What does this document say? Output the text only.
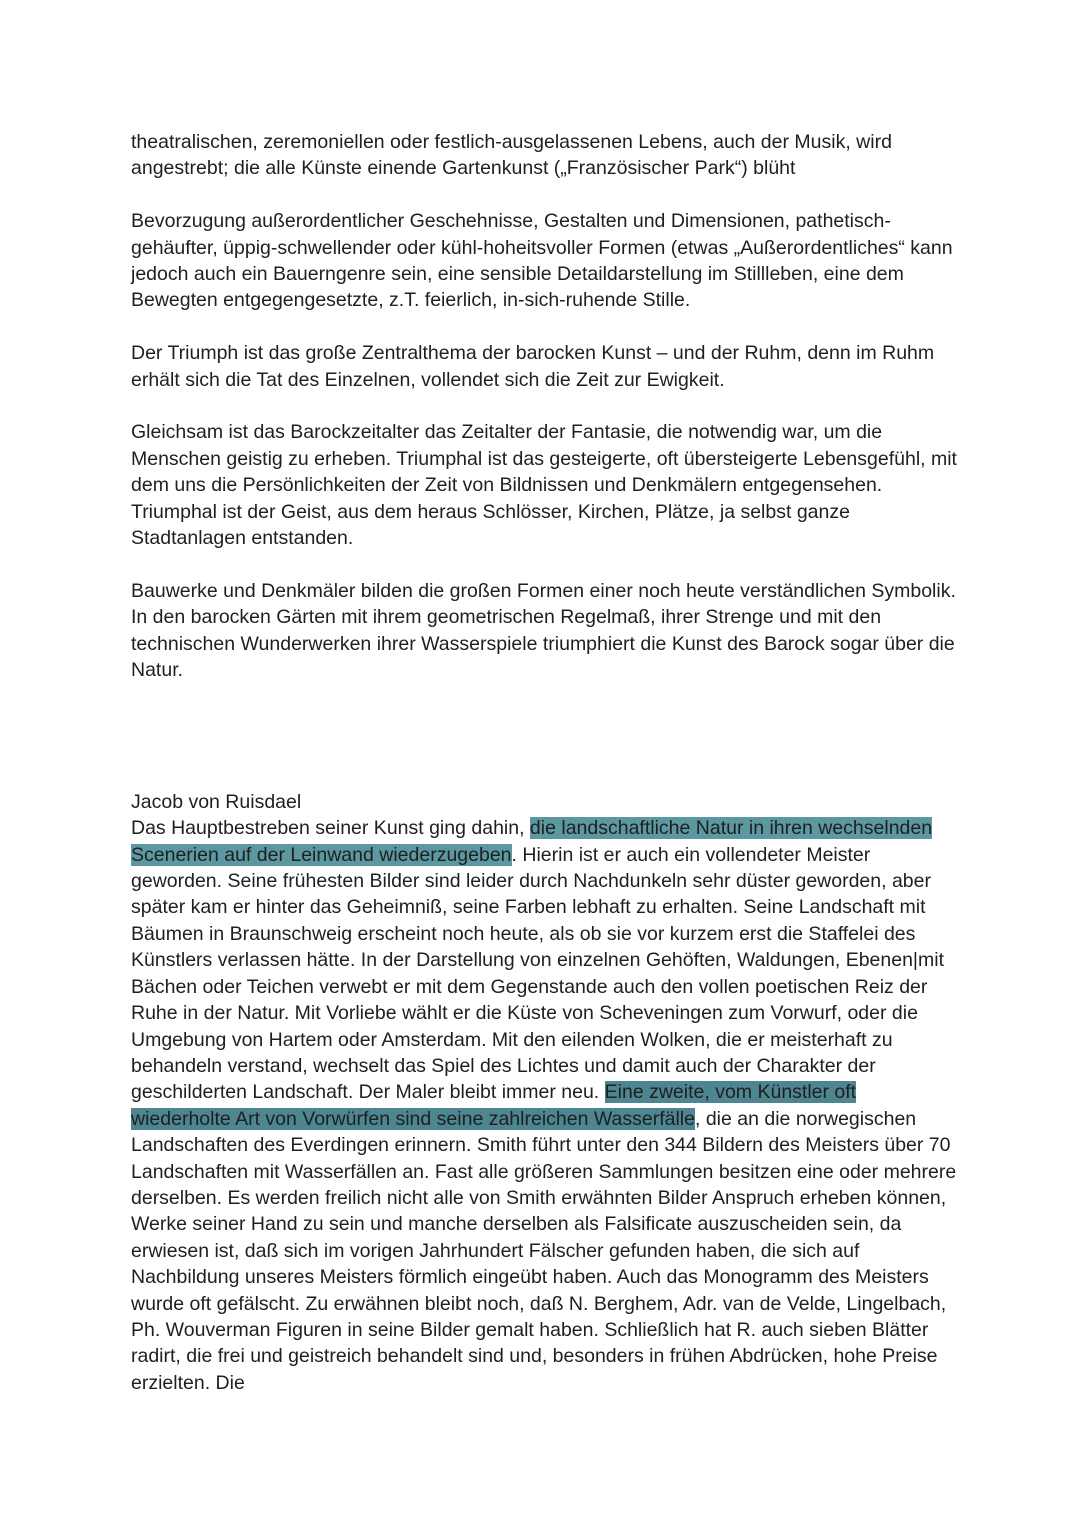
theatralischen, zeremoniellen oder festlich-ausgelassenen Lebens, auch der Musik, wird angestrebt; die alle Künste einende Gartenkunst („Französischer Park“) blüht

Bevorzugung außerordentlicher Geschehnisse, Gestalten und Dimensionen, pathetisch-gehäufter, üppig-schwellender oder kühl-hoheitsvoller Formen (etwas „Außerordentliches“ kann jedoch auch ein Bauerngenre sein, eine sensible Detaildarstellung im Stillleben, eine dem Bewegten entgegengesetzte, z.T. feierlich, in-sich-ruhende Stille.

Der Triumph ist das große Zentralthema der barocken Kunst – und der Ruhm, denn im Ruhm erhält sich die Tat des Einzelnen, vollendet sich die Zeit zur Ewigkeit.

Gleichsam ist das Barockzeitalter das Zeitalter der Fantasie, die notwendig war, um die Menschen geistig zu erheben. Triumphal ist das gesteigerte, oft übersteigerte Lebensgefühl, mit dem uns die Persönlichkeiten der Zeit von Bildnissen und Denkmälern entgegensehen. Triumphal ist der Geist, aus dem heraus Schlösser, Kirchen, Plätze, ja selbst ganze Stadtanlagen entstanden.

Bauwerke und Denkmäler bilden die großen Formen einer noch heute verständlichen Symbolik. In den barocken Gärten mit ihrem geometrischen Regelmaß, ihrer Strenge und mit den technischen Wunderwerken ihrer Wasserspiele triumphiert die Kunst des Barock sogar über die Natur.

Jacob von Ruisdael
Das Hauptbestreben seiner Kunst ging dahin, die landschaftliche Natur in ihren wechselnden Scenerien auf der Leinwand wiederzugeben. Hierin ist er auch ein vollendeter Meister geworden. Seine frühesten Bilder sind leider durch Nachdunkeln sehr düster geworden, aber später kam er hinter das Geheimniß, seine Farben lebhaft zu erhalten. Seine Landschaft mit Bäumen in Braunschweig erscheint noch heute, als ob sie vor kurzem erst die Staffelei des Künstlers verlassen hätte. In der Darstellung von einzelnen Gehöften, Waldungen, Ebenen|mit Bächen oder Teichen verwebt er mit dem Gegenstande auch den vollen poetischen Reiz der Ruhe in der Natur. Mit Vorliebe wählt er die Küste von Scheveningen zum Vorwurf, oder die Umgebung von Hartem oder Amsterdam. Mit den eilenden Wolken, die er meisterhaft zu behandeln verstand, wechselt das Spiel des Lichtes und damit auch der Charakter der geschilderten Landschaft. Der Maler bleibt immer neu. Eine zweite, vom Künstler oft wiederholte Art von Vorwürfen sind seine zahlreichen Wasserfälle, die an die norwegischen Landschaften des Everdingen erinnern. Smith führt unter den 344 Bildern des Meisters über 70 Landschaften mit Wasserfällen an. Fast alle größeren Sammlungen besitzen eine oder mehrere derselben. Es werden freilich nicht alle von Smith erwähnten Bilder Anspruch erheben können, Werke seiner Hand zu sein und manche derselben als Falsificate auszuscheiden sein, da erwiesen ist, daß sich im vorigen Jahrhundert Fälscher gefunden haben, die sich auf Nachbildung unseres Meisters förmlich eingeübt haben. Auch das Monogramm des Meisters wurde oft gefälscht. Zu erwähnen bleibt noch, daß N. Berghem, Adr. van de Velde, Lingelbach, Ph. Wouverman Figuren in seine Bilder gemalt haben. Schließlich hat R. auch sieben Blätter radirt, die frei und geistreich behandelt sind und, besonders in frühen Abdrücken, hohe Preise erzielten. Die
